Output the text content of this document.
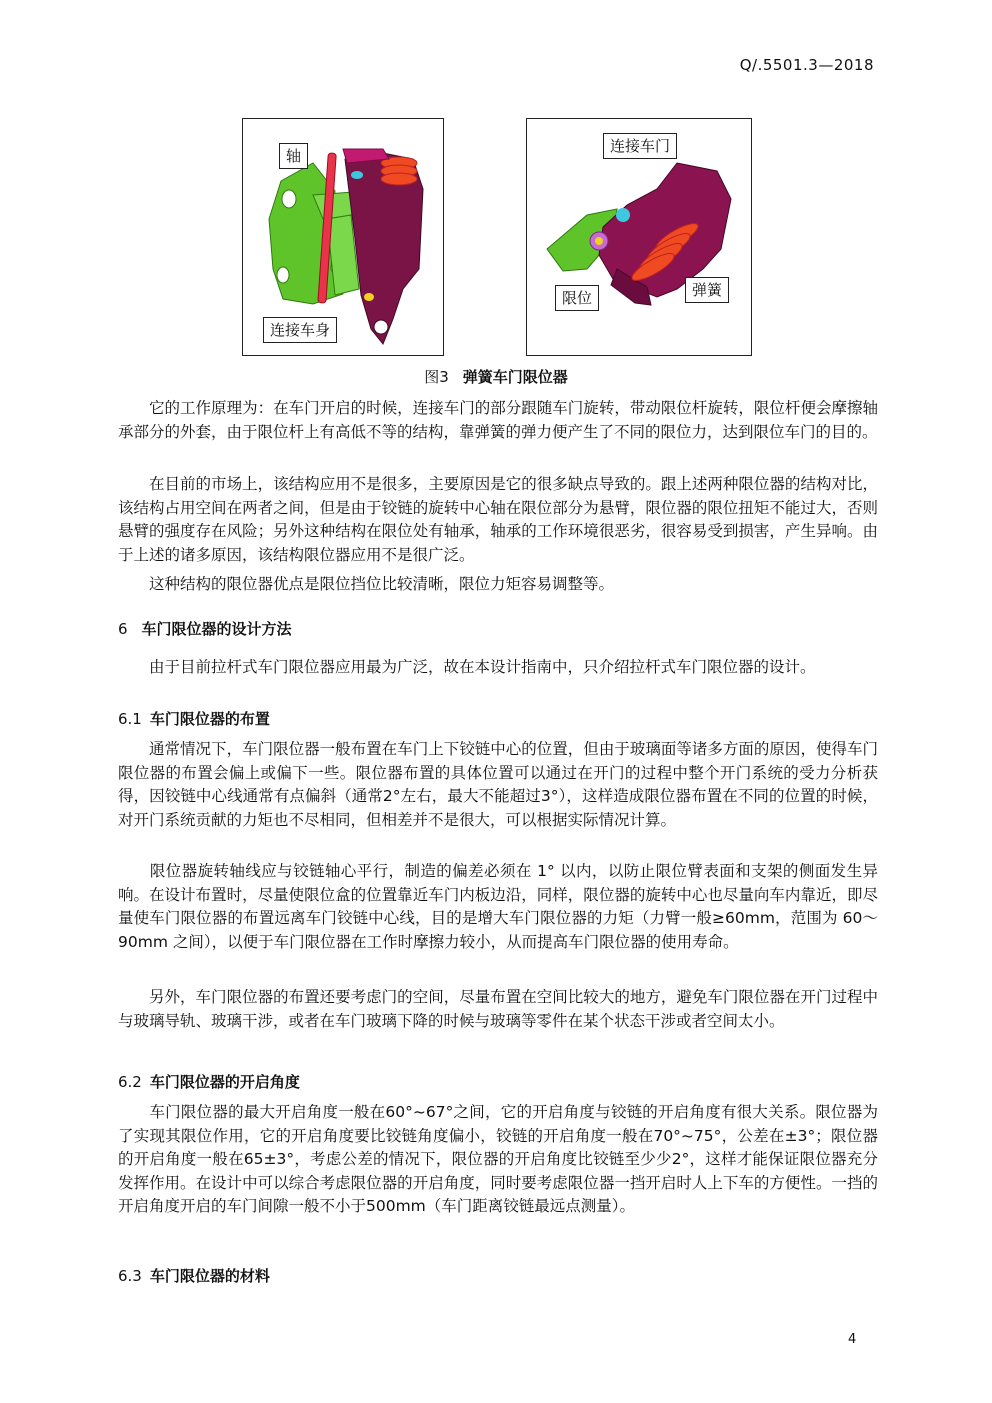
Q/.5501.3—2018
轴
连接车身
连接车门
限位	弹簧
图3 弹簧车门限位器
　　它的工作原理为：在车门开启的时候，连接车门的部分跟随车门旋转，带动限位杆旋转，限位杆便会摩擦轴承部分的外套，由于限位杆上有高低不等的结构，靠弹簧的弹力便产生了不同的限位力，达到限位车门的目的。
　　在目前的市场上，该结构应用不是很多，主要原因是它的很多缺点导致的。跟上述两种限位器的结构对比，该结构占用空间在两者之间，但是由于铰链的旋转中心轴在限位部分为悬臂，限位器的限位扭矩不能过大，否则悬臂的强度存在风险；另外这种结构在限位处有轴承，轴承的工作环境很恶劣，很容易受到损害，产生异响。由于上述的诸多原因，该结构限位器应用不是很广泛。
　　这种结构的限位器优点是限位挡位比较清晰，限位力矩容易调整等。
6 车门限位器的设计方法
　　由于目前拉杆式车门限位器应用最为广泛，故在本设计指南中，只介绍拉杆式车门限位器的设计。
6.1 车门限位器的布置
　　通常情况下，车门限位器一般布置在车门上下铰链中心的位置，但由于玻璃面等诸多方面的原因，使得车门限位器的布置会偏上或偏下一些。限位器布置的具体位置可以通过在开门的过程中整个开门系统的受力分析获得，因铰链中心线通常有点偏斜（通常2°左右，最大不能超过3°），这样造成限位器布置在不同的位置的时候，对开门系统贡献的力矩也不尽相同，但相差并不是很大，可以根据实际情况计算。
　　限位器旋转轴线应与铰链轴心平行，制造的偏差必须在 1° 以内，以防止限位臂表面和支架的侧面发生异响。在设计布置时，尽量使限位盒的位置靠近车门内板边沿，同样，限位器的旋转中心也尽量向车内靠近，即尽量使车门限位器的布置远离车门铰链中心线，目的是增大车门限位器的力矩（力臂一般≥60mm，范围为 60～90mm 之间），以便于车门限位器在工作时摩擦力较小，从而提高车门限位器的使用寿命。
　　另外，车门限位器的布置还要考虑门的空间，尽量布置在空间比较大的地方，避免车门限位器在开门过程中与玻璃导轨、玻璃干涉，或者在车门玻璃下降的时候与玻璃等零件在某个状态干涉或者空间太小。
6.2 车门限位器的开启角度
　　车门限位器的最大开启角度一般在60°~67°之间，它的开启角度与铰链的开启角度有很大关系。限位器为了实现其限位作用，它的开启角度要比铰链角度偏小，铰链的开启角度一般在70°~75°，公差在±3°；限位器的开启角度一般在65±3°，考虑公差的情况下，限位器的开启角度比铰链至少少2°，这样才能保证限位器充分发挥作用。在设计中可以综合考虑限位器的开启角度，同时要考虑限位器一挡开启时人上下车的方便性。一挡的开启角度开启的车门间隙一般不小于500mm（车门距离铰链最远点测量）。
6.3 车门限位器的材料
4
